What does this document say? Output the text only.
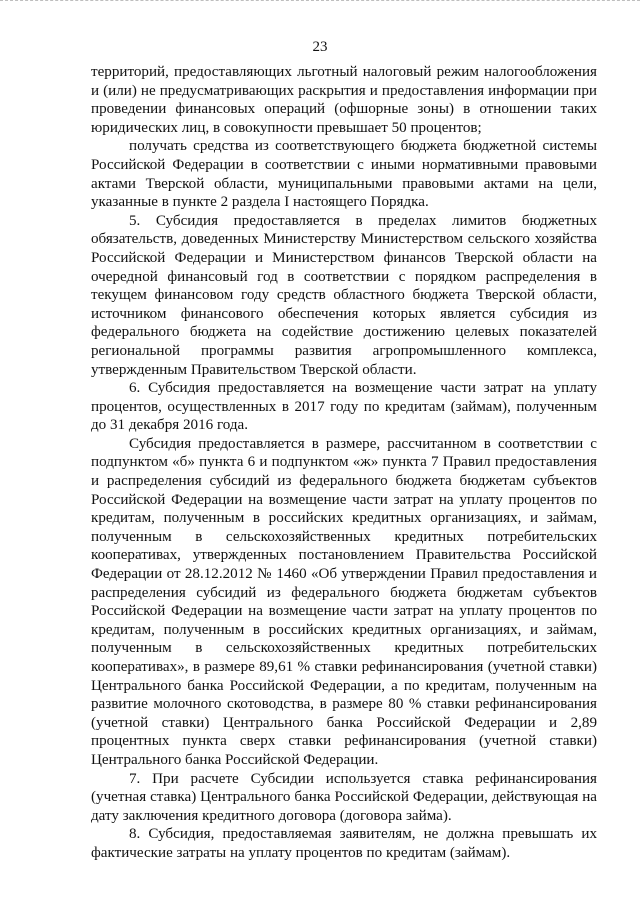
23

территорий, предоставляющих льготный налоговый режим налогообложения и (или) не предусматривающих раскрытия и предоставления информации при проведении финансовых операций (офшорные зоны) в отношении таких юридических лиц, в совокупности превышает 50 процентов;

получать средства из соответствующего бюджета бюджетной системы Российской Федерации в соответствии с иными нормативными правовыми актами Тверской области, муниципальными правовыми актами на цели, указанные в пункте 2 раздела I настоящего Порядка.

5. Субсидия предоставляется в пределах лимитов бюджетных обязательств, доведенных Министерству Министерством сельского хозяйства Российской Федерации и Министерством финансов Тверской области на очередной финансовый год в соответствии с порядком распределения в текущем финансовом году средств областного бюджета Тверской области, источником финансового обеспечения которых является субсидия из федерального бюджета на содействие достижению целевых показателей региональной программы развития агропромышленного комплекса, утвержденным Правительством Тверской области.

6. Субсидия предоставляется на возмещение части затрат на уплату процентов, осуществленных в 2017 году по кредитам (займам), полученным до 31 декабря 2016 года.

Субсидия предоставляется в размере, рассчитанном в соответствии с подпунктом «б» пункта 6 и подпунктом «ж» пункта 7 Правил предоставления и распределения субсидий из федерального бюджета бюджетам субъектов Российской Федерации на возмещение части затрат на уплату процентов по кредитам, полученным в российских кредитных организациях, и займам, полученным в сельскохозяйственных кредитных потребительских кооперативах, утвержденных постановлением Правительства Российской Федерации от 28.12.2012 № 1460 «Об утверждении Правил предоставления и распределения субсидий из федерального бюджета бюджетам субъектов Российской Федерации на возмещение части затрат на уплату процентов по кредитам, полученным в российских кредитных организациях, и займам, полученным в сельскохозяйственных кредитных потребительских кооперативах», в размере 89,61 % ставки рефинансирования (учетной ставки) Центрального банка Российской Федерации, а по кредитам, полученным на развитие молочного скотоводства, в размере 80 % ставки рефинансирования (учетной ставки) Центрального банка Российской Федерации и 2,89 процентных пункта сверх ставки рефинансирования (учетной ставки) Центрального банка Российской Федерации.

7. При расчете Субсидии используется ставка рефинансирования (учетная ставка) Центрального банка Российской Федерации, действующая на дату заключения кредитного договора (договора займа).

8. Субсидия, предоставляемая заявителям, не должна превышать их фактические затраты на уплату процентов по кредитам (займам).
